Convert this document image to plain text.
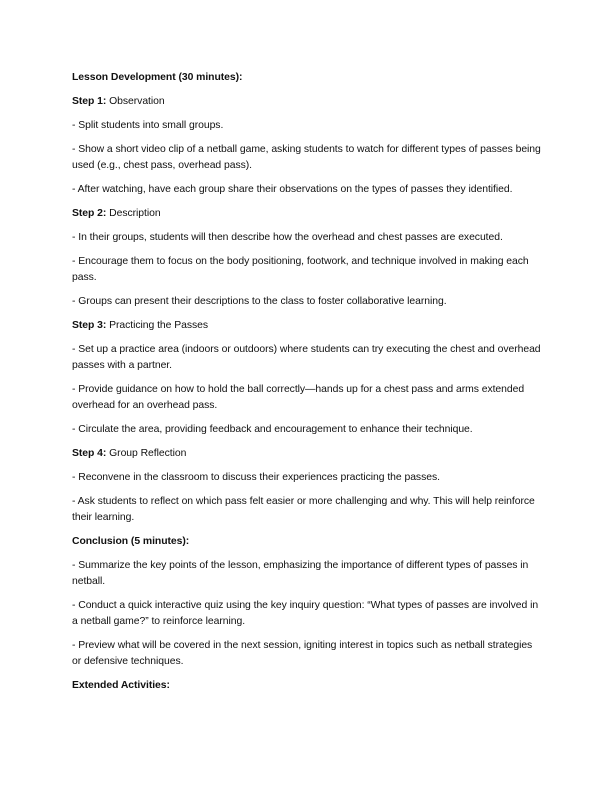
Lesson Development (30 minutes):

Step 1: Observation

- Split students into small groups.

- Show a short video clip of a netball game, asking students to watch for different types of passes being used (e.g., chest pass, overhead pass).

- After watching, have each group share their observations on the types of passes they identified.

Step 2: Description

- In their groups, students will then describe how the overhead and chest passes are executed.

- Encourage them to focus on the body positioning, footwork, and technique involved in making each pass.

- Groups can present their descriptions to the class to foster collaborative learning.

Step 3: Practicing the Passes

- Set up a practice area (indoors or outdoors) where students can try executing the chest and overhead passes with a partner.

- Provide guidance on how to hold the ball correctly—hands up for a chest pass and arms extended overhead for an overhead pass.

- Circulate the area, providing feedback and encouragement to enhance their technique.

Step 4: Group Reflection

- Reconvene in the classroom to discuss their experiences practicing the passes.

- Ask students to reflect on which pass felt easier or more challenging and why. This will help reinforce their learning.

Conclusion (5 minutes):

- Summarize the key points of the lesson, emphasizing the importance of different types of passes in netball.

- Conduct a quick interactive quiz using the key inquiry question: “What types of passes are involved in a netball game?” to reinforce learning.

- Preview what will be covered in the next session, igniting interest in topics such as netball strategies or defensive techniques.

Extended Activities:
